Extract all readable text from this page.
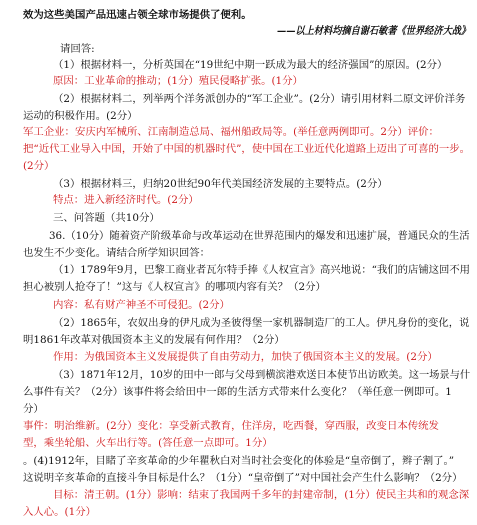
效为这些美国产品迅速占领全球市场提供了便利。
——以上材料均摘自谢石敏著《世界经济大战》
请回答:
（1）根据材料一，分析英国在“19世纪中期一跃成为最大的经济强国”的原因。(2分）
原因：工业革命的推动；(1分）殖民侵略扩张。(1分）
（2）根据材料二，列举两个洋务派创办的“军工企业”。(2分）请引用材料二原文评价洋务
运动的积极作用。(2分）
军工企业：安庆内军械所、江南制造总局、福州船政局等。(举任意两例即可。2分）评价：
把“近代工业导入中国，开始了中国的机器时代”，使中国在工业近代化道路上迈出了可喜的一步。
(2分）
（3）根据材料三，归纳20世纪90年代美国经济发展的主要特点。(2分）
特点：进入新经济时代。(2分）
三、问答题（共10分）
36.（10分）随着资产阶级革命与改革运动在世界范围内的爆发和迅速扩展，普通民众的生活
也发生不少变化。请结合所学知识回答：
（1）1789年9月，巴黎工商业者瓦尔特手捧《人权宣言》高兴地说：“我们的店铺这回不用
担心被别人抢夺了！”这与《人权宣言》的哪项内容有关？（2分）
内容：私有财产神圣不可侵犯。(2分）
（2）1865年，农奴出身的伊凡成为圣彼得堡一家机器制造厂的工人。伊凡身份的变化，说
明1861年改革对俄国资本主义的发展有何作用？（2分）
作用：为俄国资本主义发展提供了自由劳动力，加快了俄国资本主义的发展。(2分）
（3）1871年12月，10岁的田中一郎与父母到横滨港欢送日本使节出访欧美。这一场景与什
么事件有关？（2分）该事件将会给田中一郎的生活方式带来什么变化？（举任意一例即可。1
分）
事件：明治维新。(2分）变化：享受新式教育，住洋房，吃西餐，穿西服，改变日本传统发
型，乘坐轮船、火车出行等。(答任意一点即可。1分）
。(4)1912年，目睹了辛亥革命的少年瞿秋白对当时社会变化的体验是“皇帝倒了，辫子割了。”
这说明辛亥革命的直接斗争目标是什么？（1分）“皇帝倒了”对中国社会产生什么影响？（2分）
目标：清王朝。(1分）影响：结束了我国两千多年的封建帝制，(1分）使民主共和的观念深
入人心。(1分）
